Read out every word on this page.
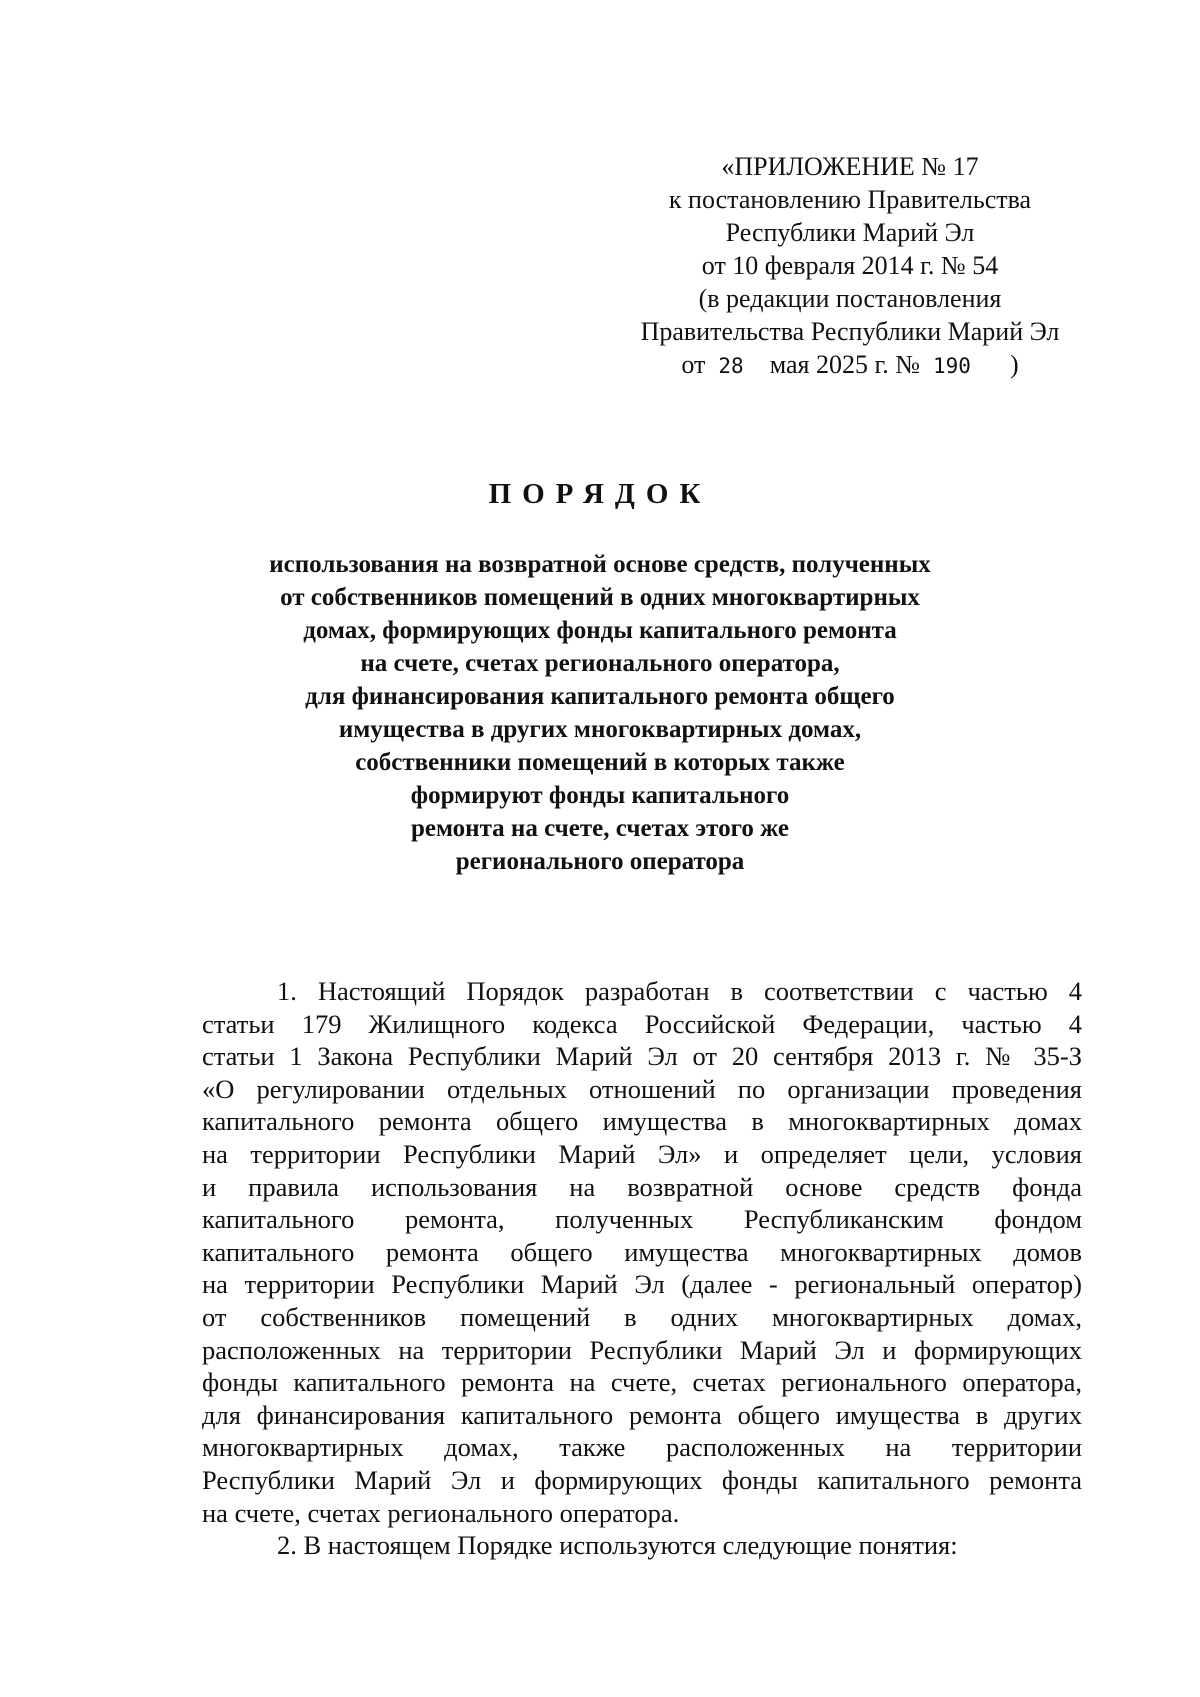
«ПРИЛОЖЕНИЕ № 17
к постановлению Правительства
Республики Марий Эл
от 10 февраля 2014 г. № 54
(в редакции постановления
Правительства Республики Марий Эл
от 28 мая 2025 г. № 190 )
ПОРЯДОК
использования на возвратной основе средств, полученных
от собственников помещений в одних многоквартирных
домах, формирующих фонды капитального ремонта
на счете, счетах регионального оператора,
для финансирования капитального ремонта общего
имущества в других многоквартирных домах,
собственники помещений в которых также
формируют фонды капитального
ремонта на счете, счетах этого же
регионального оператора
1. Настоящий Порядок разработан в соответствии с частью 4
статьи 179 Жилищного кодекса Российской Федерации, частью 4
статьи 1 Закона Республики Марий Эл от 20 сентября 2013 г. № 35-З
«О регулировании отдельных отношений по организации проведения
капитального ремонта общего имущества в многоквартирных домах
на территории Республики Марий Эл» и определяет цели, условия
и правила использования на возвратной основе средств фонда
капитального ремонта, полученных Республиканским фондом
капитального ремонта общего имущества многоквартирных домов
на территории Республики Марий Эл (далее - региональный оператор)
от собственников помещений в одних многоквартирных домах,
расположенных на территории Республики Марий Эл и формирующих
фонды капитального ремонта на счете, счетах регионального оператора,
для финансирования капитального ремонта общего имущества в других
многоквартирных домах, также расположенных на территории
Республики Марий Эл и формирующих фонды капитального ремонта
на счете, счетах регионального оператора.
2. В настоящем Порядке используются следующие понятия:
